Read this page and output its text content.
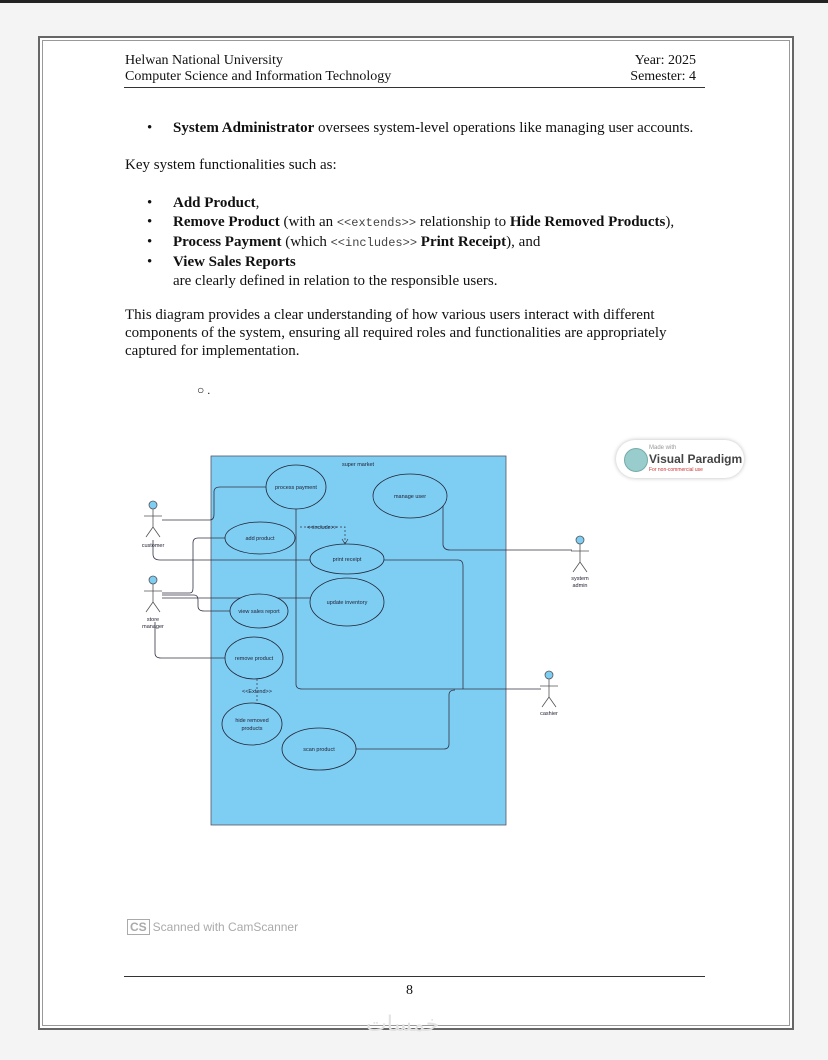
Helwan National University
Computer Science and Information Technology
Year: 2025
Semester: 4
• System Administrator oversees system-level operations like managing user accounts.
Key system functionalities such as:
• Add Product,
• Remove Product (with an <<extends>> relationship to Hide Removed Products),
• Process Payment (which <<includes>> Print Receipt), and
• View Sales Reports
are clearly defined in relation to the responsible users.
This diagram provides a clear understanding of how various users interact with different components of the system, ensuring all required roles and functionalities are appropriately captured for implementation.
○ .
super market
<<include>>
<<Extend>>
process payment
manage user
add product
print receipt
update inventory
view sales report
remove product
hide removed
products
scan product
customer
store
manager
system
admin
cashier
Made with
Visual Paradigm
For non-commercial use
CS Scanned with CamScanner
8
خمسات
